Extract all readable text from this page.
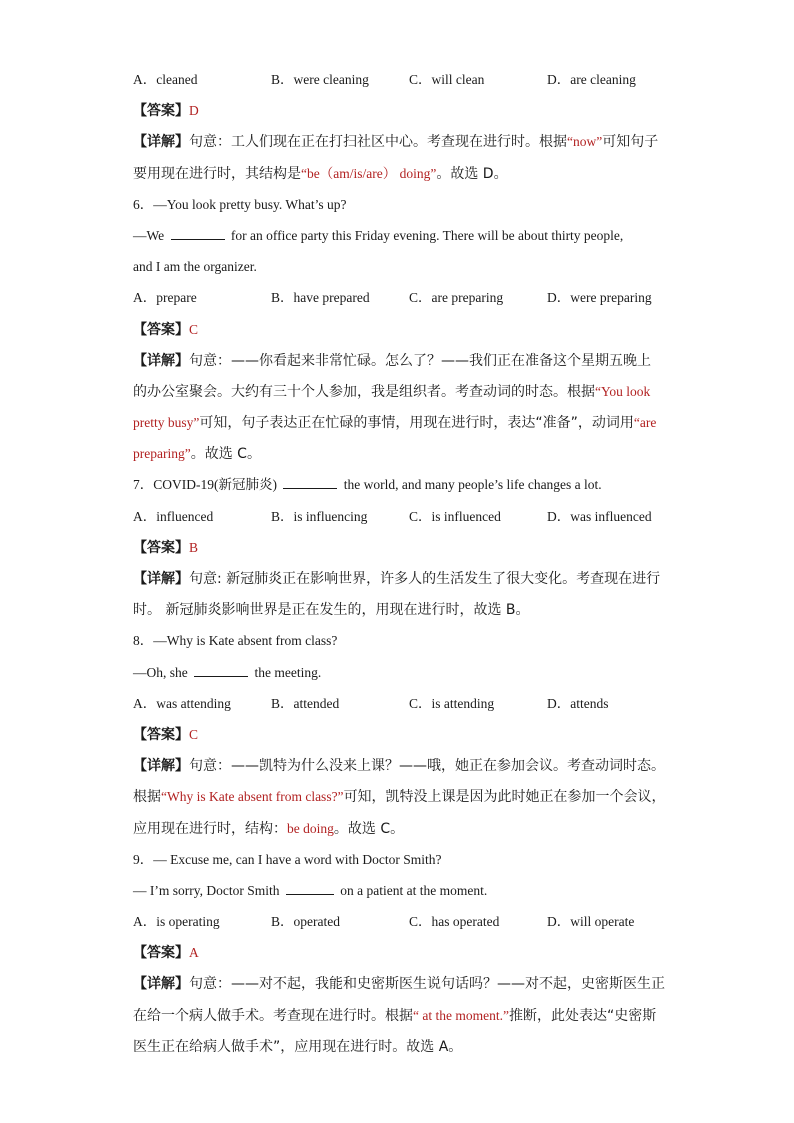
A．cleaned	B．were cleaning	C．will clean	D．are cleaning
【答案】D
【详解】句意：工人们现在正在打扫社区中心。考查现在进行时。根据“now”可知句子
要用现在进行时，其结构是“be（am/is/are） doing”。故选 D。
6．—You look pretty busy. What’s up?
—We	for an office party this Friday evening. There will be about thirty people,
and I am the organizer.
A．prepare	B．have prepared	C．are preparing	D．were preparing
【答案】C
【详解】句意：——你看起来非常忙碌。怎么了？——我们正在准备这个星期五晚上
的办公室聚会。大约有三十个人参加，我是组织者。考查动词的时态。根据“You look
pretty busy”可知，句子表达正在忙碌的事情，用现在进行时，表达“准备”，动词用“are
preparing”。故选 C。
7．COVID-19(新冠肺炎)	the world, and many people’s life changes a lot.
A．influenced	B．is influencing	C．is influenced	D．was influenced
【答案】B
【详解】句意: 新冠肺炎正在影响世界，许多人的生活发生了很大变化。考查现在进行
时。 新冠肺炎影响世界是正在发生的，用现在进行时，故选 B。
8．—Why is Kate absent from class?
—Oh, she	the meeting.
A．was attending	B．attended	C．is attending	D．attends
【答案】C
【详解】句意：——凯特为什么没来上课？——哦，她正在参加会议。考查动词时态。
根据“Why is Kate absent from class?”可知，凯特没上课是因为此时她正在参加一个会议，
应用现在进行时，结构：be doing。故选 C。
9．— Excuse me, can I have a word with Doctor Smith?
— I’m sorry, Doctor Smith	on a patient at the moment.
A．is operating	B．operated	C．has operated	D．will operate
【答案】A
【详解】句意：——对不起，我能和史密斯医生说句话吗？——对不起，史密斯医生正
在给一个病人做手术。考查现在进行时。根据“ at the moment.”推断，此处表达“史密斯
医生正在给病人做手术”，应用现在进行时。故选 A。
